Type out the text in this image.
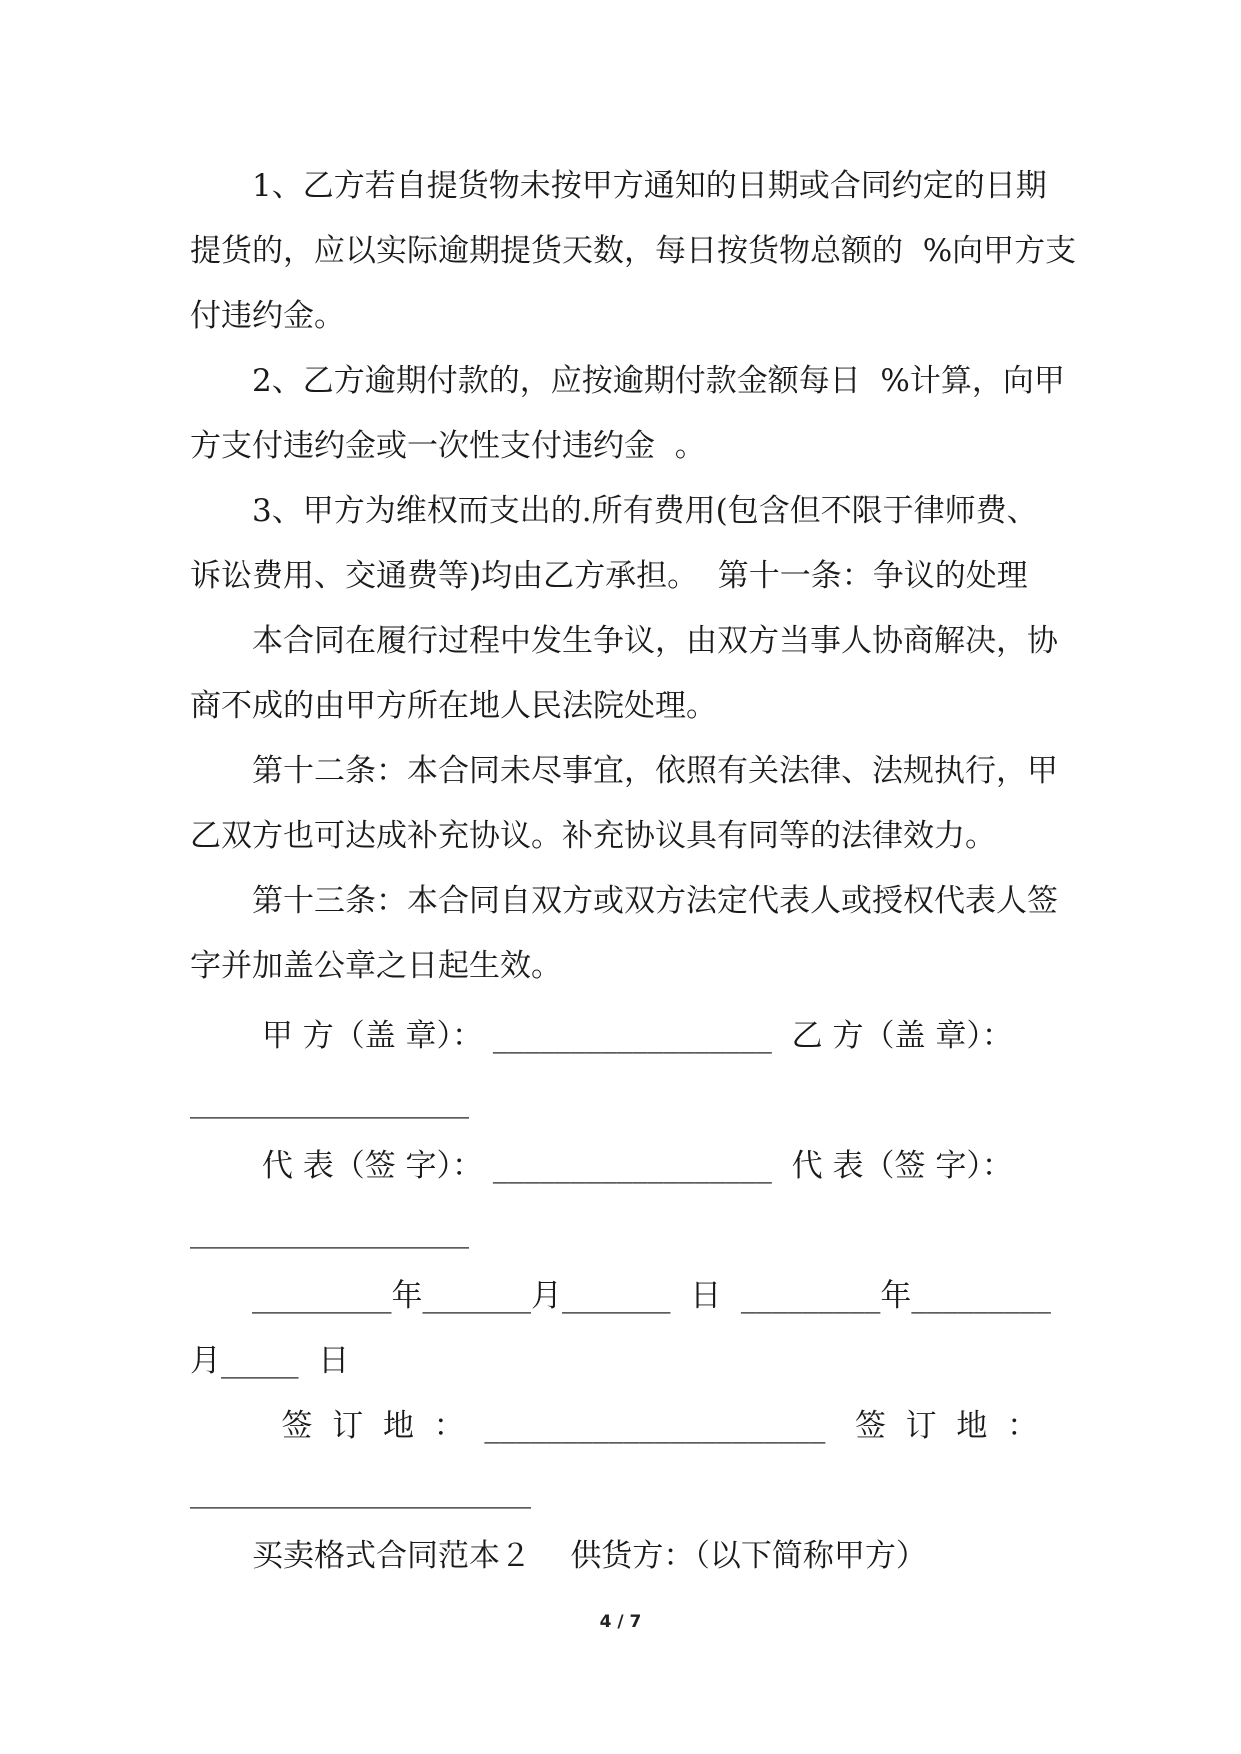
1、乙方若自提货物未按甲方通知的日期或合同约定的日期
提货的，应以实际逾期提货天数，每日按货物总额的  %向甲方支
付违约金。
2、乙方逾期付款的，应按逾期付款金额每日  %计算，向甲
方支付违约金或一次性支付违约金  。
3、甲方为维权而支出的.所有费用(包含但不限于律师费、
诉讼费用、交通费等)均由乙方承担。  第十一条：争议的处理
本合同在履行过程中发生争议，由双方当事人协商解决，协
商不成的由甲方所在地人民法院处理。
第十二条：本合同未尽事宜，依照有关法律、法规执行，甲
乙双方也可达成补充协议。补充协议具有同等的法律效力。
第十三条：本合同自双方或双方法定代表人或授权代表人签
字并加盖公章之日起生效。
甲 方（盖 章）： __________________  乙 方（盖 章）：
__________________
代 表（签 字）： __________________  代 表（签 字）：
__________________
_________年_______月_______  日  _________年_________
月_____  日
签  订  地  ：  ______________________   签  订  地  ：
______________________
买卖格式合同范本２    供货方：（以下简称甲方）
4 / 7
